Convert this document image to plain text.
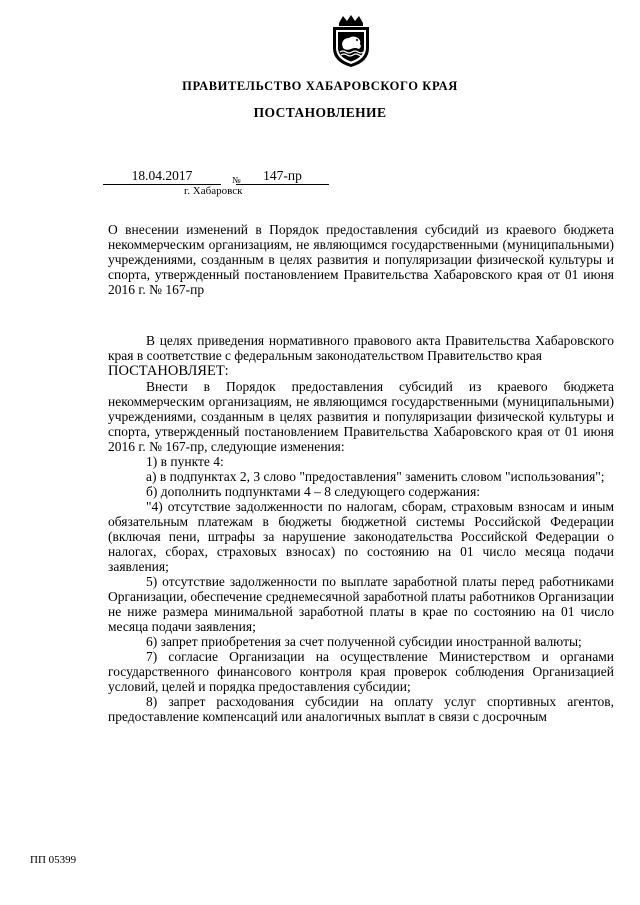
ПРАВИТЕЛЬСТВО ХАБАРОВСКОГО КРАЯ
ПОСТАНОВЛЕНИЕ
18.04.2017	№	147-пр
г. Хабаровск
О внесении изменений в Порядок предоставления субсидий из краевого бюджета некоммерческим организациям, не являющимся государственными (муниципальными) учреждениями, созданным в целях развития и популяризации физической культуры и спорта, утвержденный постановлением Правительства Хабаровского края от 01 июня 2016 г. № 167-пр

В целях приведения нормативного правового акта Правительства Хабаровского края в соответствие с федеральным законодательством Правительство края

ПОСТАНОВЛЯЕТ:

Внести в Порядок предоставления субсидий из краевого бюджета некоммерческим организациям, не являющимся государственными (муниципальными) учреждениями, созданным в целях развития и популяризации физической культуры и спорта, утвержденный постановлением Правительства Хабаровского края от 01 июня 2016 г. № 167-пр, следующие изменения:

1) в пункте 4:

а) в подпунктах 2, 3 слово "предоставления" заменить словом "использования";

б) дополнить подпунктами 4 – 8 следующего содержания:

"4) отсутствие задолженности по налогам, сборам, страховым взносам и иным обязательным платежам в бюджеты бюджетной системы Российской Федерации (включая пени, штрафы за нарушение законодательства Российской Федерации о налогах, сборах, страховых взносах) по состоянию на 01 число месяца подачи заявления;

5) отсутствие задолженности по выплате заработной платы перед работниками Организации, обеспечение среднемесячной заработной платы работников Организации не ниже размера минимальной заработной платы в крае по состоянию на 01 число месяца подачи заявления;

6) запрет приобретения за счет полученной субсидии иностранной валюты;

7) согласие Организации на осуществление Министерством и органами государственного финансового контроля края проверок соблюдения Организацией условий, целей и порядка предоставления субсидии;

8) запрет расходования субсидии на оплату услуг спортивных агентов, предоставление компенсаций или аналогичных выплат в связи с досрочным

ПП 05399
